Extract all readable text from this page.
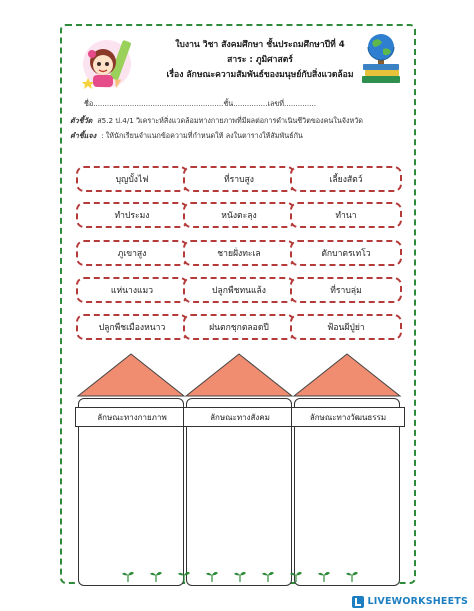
ใบงาน วิชา สังคมศึกษา ชั้นประถมศึกษาปีที่ 4
สาระ : ภูมิศาสตร์
เรื่อง ลักษณะความสัมพันธ์ของมนุษย์กับสิ่งแวดล้อม
ชื่อ.........................................................ชั้น...............เลขที่..............
ตัวชี้วัด ส5.2 ป.4/1 วิเคราะห์สิ่งแวดล้อมทางกายภาพที่มีผลต่อการดำเนินชีวิตของคนในจังหวัด
คำชี้แจง : ให้นักเรียนจำแนกข้อความที่กำหนดให้ ลงในตารางให้สัมพันธ์กัน
บุญบั้งไฟ	ที่ราบสูง	เลี้ยงสัตว์
ทำประมง	หนังตะลุง	ทำนา
ภูเขาสูง	ชายฝั่งทะเล	ตักบาตรเทโว
แห่นางแมว	ปลูกพืชทนแล้ง	ที่ราบลุ่ม
ปลูกพืชเมืองหนาว	ฝนตกชุกตลอดปี	ฟ้อนผีปู่ย่า
ลักษณะทางกายภาพ	ลักษณะทางสังคม	ลักษณะทางวัฒนธรรม
LIVEWORKSHEETS
